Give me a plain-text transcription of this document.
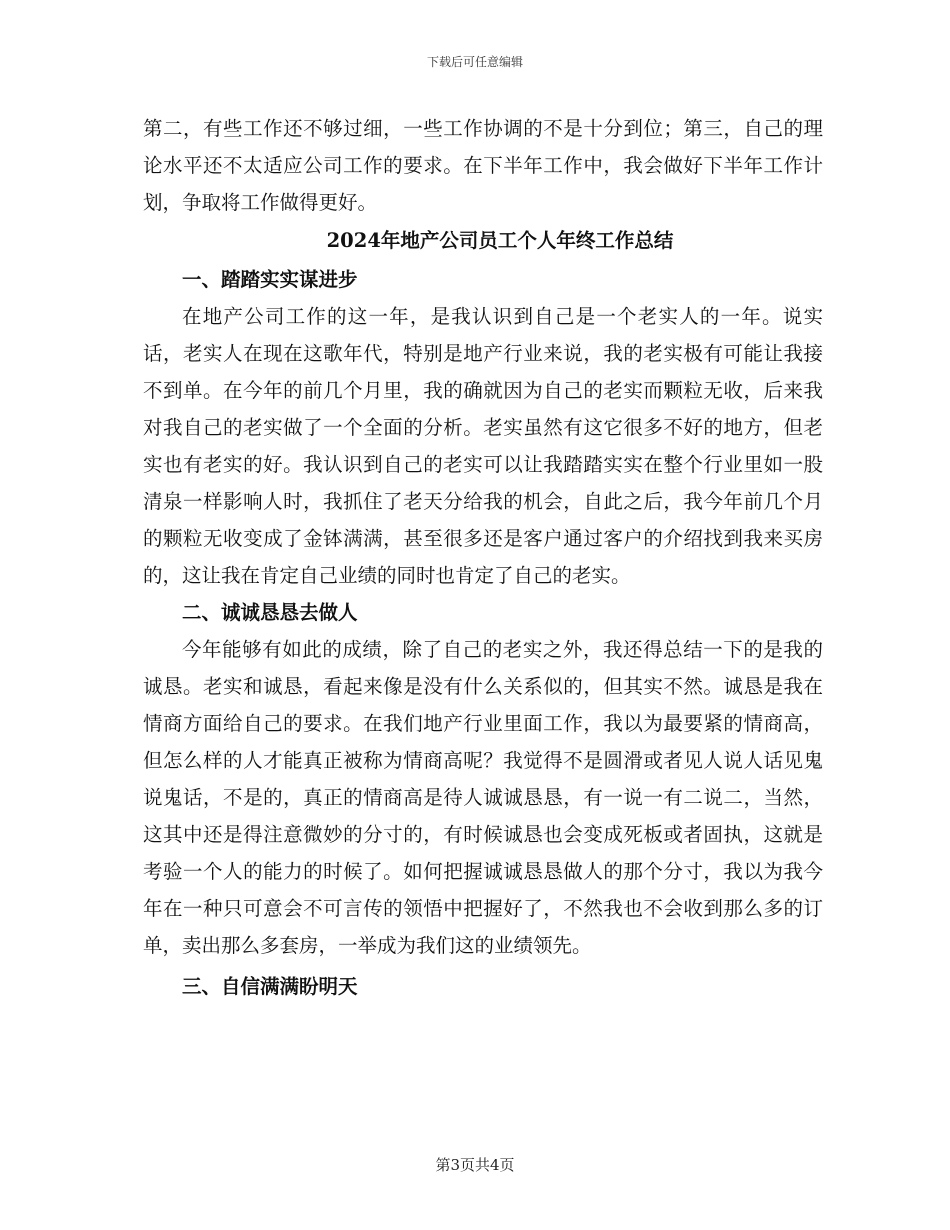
下载后可任意编辑

第二，有些工作还不够过细，一些工作协调的不是十分到位；第三，自己的理论水平还不太适应公司工作的要求。在下半年工作中，我会做好下半年工作计划，争取将工作做得更好。

2024年地产公司员工个人年终工作总结

一、踏踏实实谋进步

在地产公司工作的这一年，是我认识到自己是一个老实人的一年。说实话，老实人在现在这歌年代，特别是地产行业来说，我的老实极有可能让我接不到单。在今年的前几个月里，我的确就因为自己的老实而颗粒无收，后来我对我自己的老实做了一个全面的分析。老实虽然有这它很多不好的地方，但老实也有老实的好。我认识到自己的老实可以让我踏踏实实在整个行业里如一股清泉一样影响人时，我抓住了老天分给我的机会，自此之后，我今年前几个月的颗粒无收变成了金钵满满，甚至很多还是客户通过客户的介绍找到我来买房的，这让我在肯定自己业绩的同时也肯定了自己的老实。

二、诚诚恳恳去做人

今年能够有如此的成绩，除了自己的老实之外，我还得总结一下的是我的诚恳。老实和诚恳，看起来像是没有什么关系似的，但其实不然。诚恳是我在情商方面给自己的要求。在我们地产行业里面工作，我以为最要紧的情商高，但怎么样的人才能真正被称为情商高呢？我觉得不是圆滑或者见人说人话见鬼说鬼话，不是的，真正的情商高是待人诚诚恳恳，有一说一有二说二，当然，这其中还是得注意微妙的分寸的，有时候诚恳也会变成死板或者固执，这就是考验一个人的能力的时候了。如何把握诚诚恳恳做人的那个分寸，我以为我今年在一种只可意会不可言传的领悟中把握好了，不然我也不会收到那么多的订单，卖出那么多套房，一举成为我们这的业绩领先。

三、自信满满盼明天

第3页共4页
